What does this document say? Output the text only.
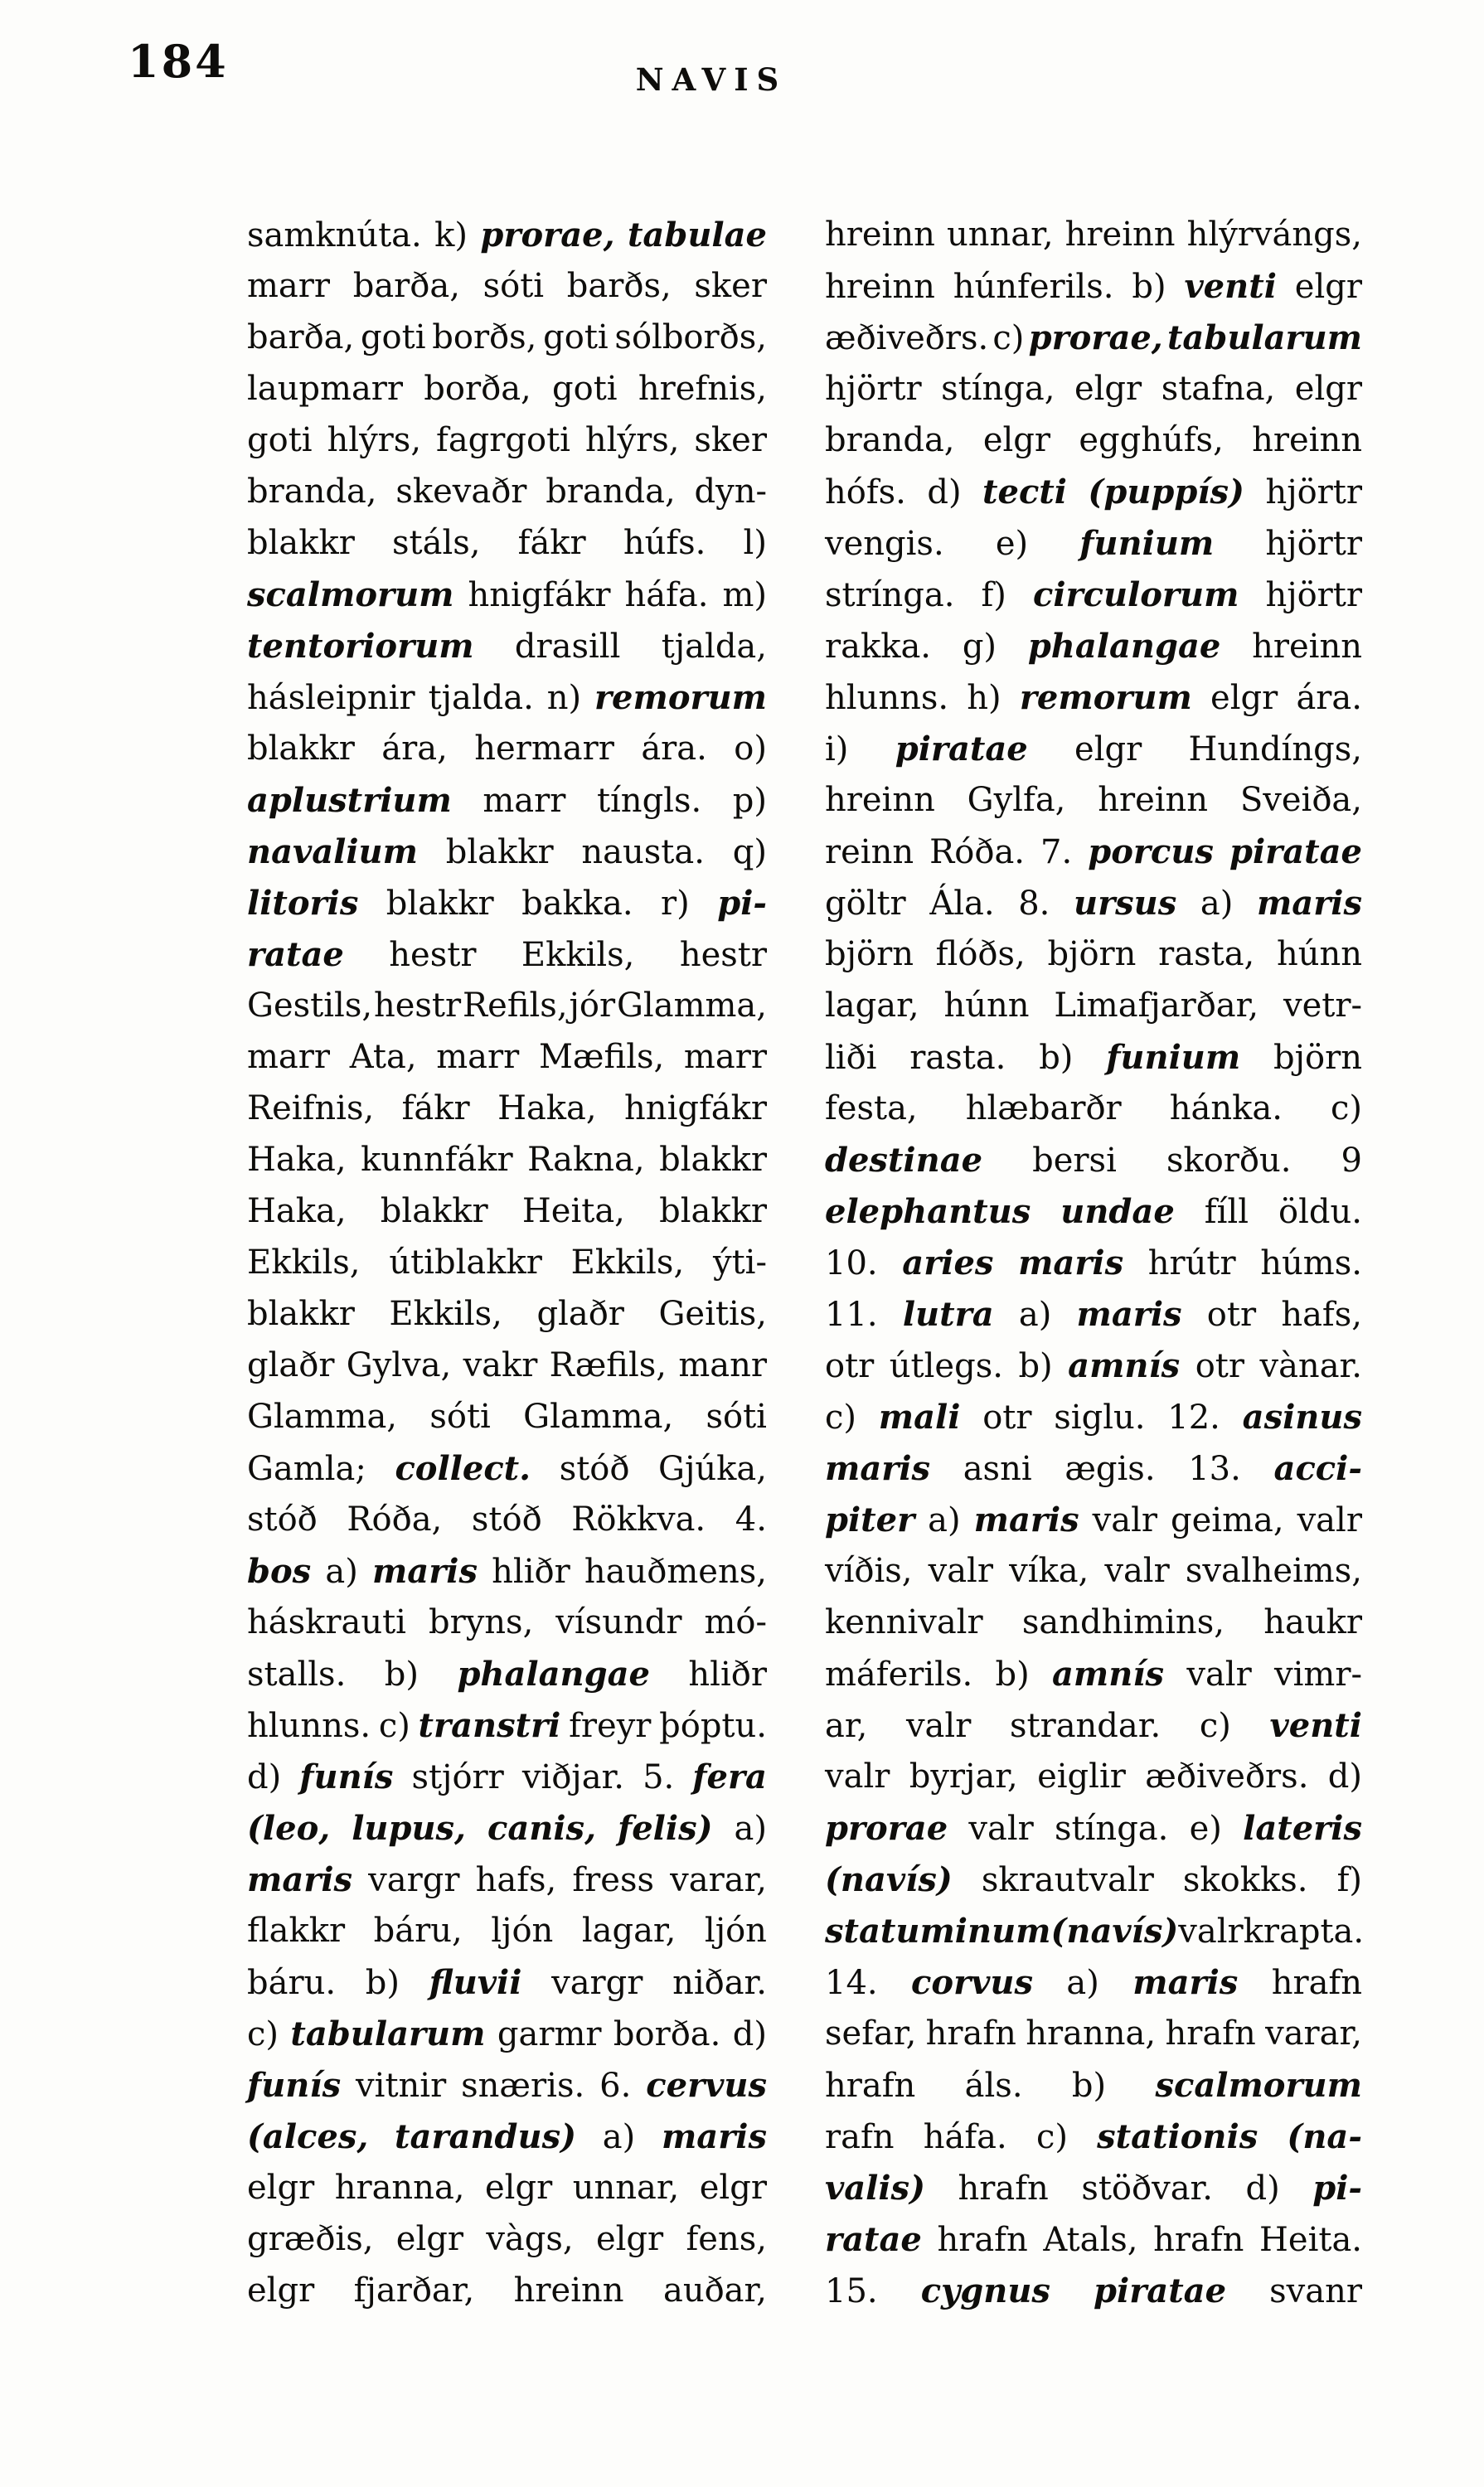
184	NAVIS
samknúta. k) prorae, tabulae
marr barða, sóti barðs, sker
barða, goti borðs, goti sólborðs,
laupmarr borða, goti hrefnis,
goti hlýrs, fagrgoti hlýrs, sker
branda, skevaðr branda, dyn-
blakkr stáls, fákr húfs. l)
scalmorum hnigfákr háfa. m)
tentoriorum drasill tjalda,
hásleipnir tjalda. n) remorum
blakkr ára, hermarr ára. o)
aplustrium marr tíngls. p)
navalium blakkr nausta. q)
litoris blakkr bakka. r) pi-
ratae hestr Ekkils, hestr
Gestils, hestr Refils, jór Glamma,
marr Ata, marr Mæfils, marr
Reifnis, fákr Haka, hnigfákr
Haka, kunnfákr Rakna, blakkr
Haka, blakkr Heita, blakkr
Ekkils, útiblakkr Ekkils, ýti-
blakkr Ekkils, glaðr Geitis,
glaðr Gylva, vakr Ræfils, manr
Glamma, sóti Glamma, sóti
Gamla; collect. stóð Gjúka,
stóð Róða, stóð Rökkva. 4.
bos a) maris hliðr hauðmens,
háskrauti bryns, vísundr mó-
stalls. b) phalangae hliðr
hlunns. c) transtri freyr þóptu.
d) funís stjórr viðjar. 5. fera
(leo, lupus, canis, felis) a)
maris vargr hafs, fress varar,
flakkr báru, ljón lagar, ljón
báru. b) fluvii vargr niðar.
c) tabularum garmr borða. d)
funís vitnir snæris. 6. cervus
(alces, tarandus) a) maris
elgr hranna, elgr unnar, elgr
græðis, elgr vàgs, elgr fens,
elgr fjarðar, hreinn auðar,
hreinn unnar, hreinn hlýrvángs,
hreinn húnferils. b) venti elgr
æðiveðrs. c) prorae, tabularum
hjörtr stínga, elgr stafna, elgr
branda, elgr egghúfs, hreinn
hófs. d) tecti (puppís) hjörtr
vengis. e) funium hjörtr
strínga. f) circulorum hjörtr
rakka. g) phalangae hreinn
hlunns. h) remorum elgr ára.
i) piratae elgr Hundíngs,
hreinn Gylfa, hreinn Sveiða,
reinn Róða. 7. porcus piratae
göltr Ála. 8. ursus a) maris
björn flóðs, björn rasta, húnn
lagar, húnn Limafjarðar, vetr-
liði rasta. b) funium björn
festa, hlæbarðr hánka. c)
destinae bersi skorðu. 9
elephantus undae fíll öldu.
10. aries maris hrútr húms.
11. lutra a) maris otr hafs,
otr útlegs. b) amnís otr vànar.
c) mali otr siglu. 12. asinus
maris asni ægis. 13. acci-
piter a) maris valr geima, valr
víðis, valr víka, valr svalheims,
kennivalr sandhimins, haukr
máferils. b) amnís valr vimr-
ar, valr strandar. c) venti
valr byrjar, eiglir æðiveðrs. d)
prorae valr stínga. e) lateris
(navís) skrautvalr skokks. f)
statuminum (navís) valr krapta.
14. corvus a) maris hrafn
sefar, hrafn hranna, hrafn varar,
hrafn áls. b) scalmorum
rafn háfa. c) stationis (na-
valis) hrafn stöðvar. d) pi-
ratae hrafn Atals, hrafn Heita.
15. cygnus piratae svanr
